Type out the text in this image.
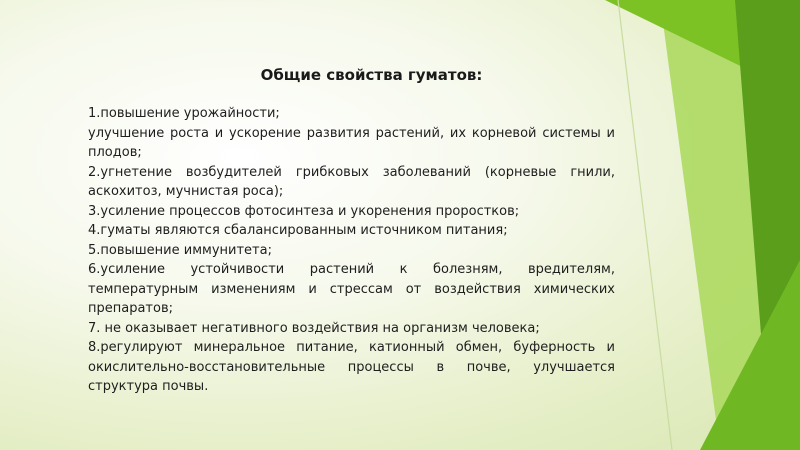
Общие свойства гуматов:

1.повышение урожайности;

улучшение роста и ускорение развития растений, их корневой системы и плодов;

2.угнетение возбудителей грибковых заболеваний (корневые гнили, аскохитоз, мучнистая роса);

3.усиление процессов фотосинтеза и укоренения проростков;

4.гуматы являются сбалансированным источником питания;

5.повышение иммунитета;

6.усиление устойчивости растений к болезням, вредителям, температурным изменениям и стрессам от воздействия химических препаратов;

7. не оказывает негативного воздействия на организм человека;

8.регулируют минеральное питание, катионный обмен, буферность и окислительно-восстановительные процессы в почве, улучшается структура почвы.
